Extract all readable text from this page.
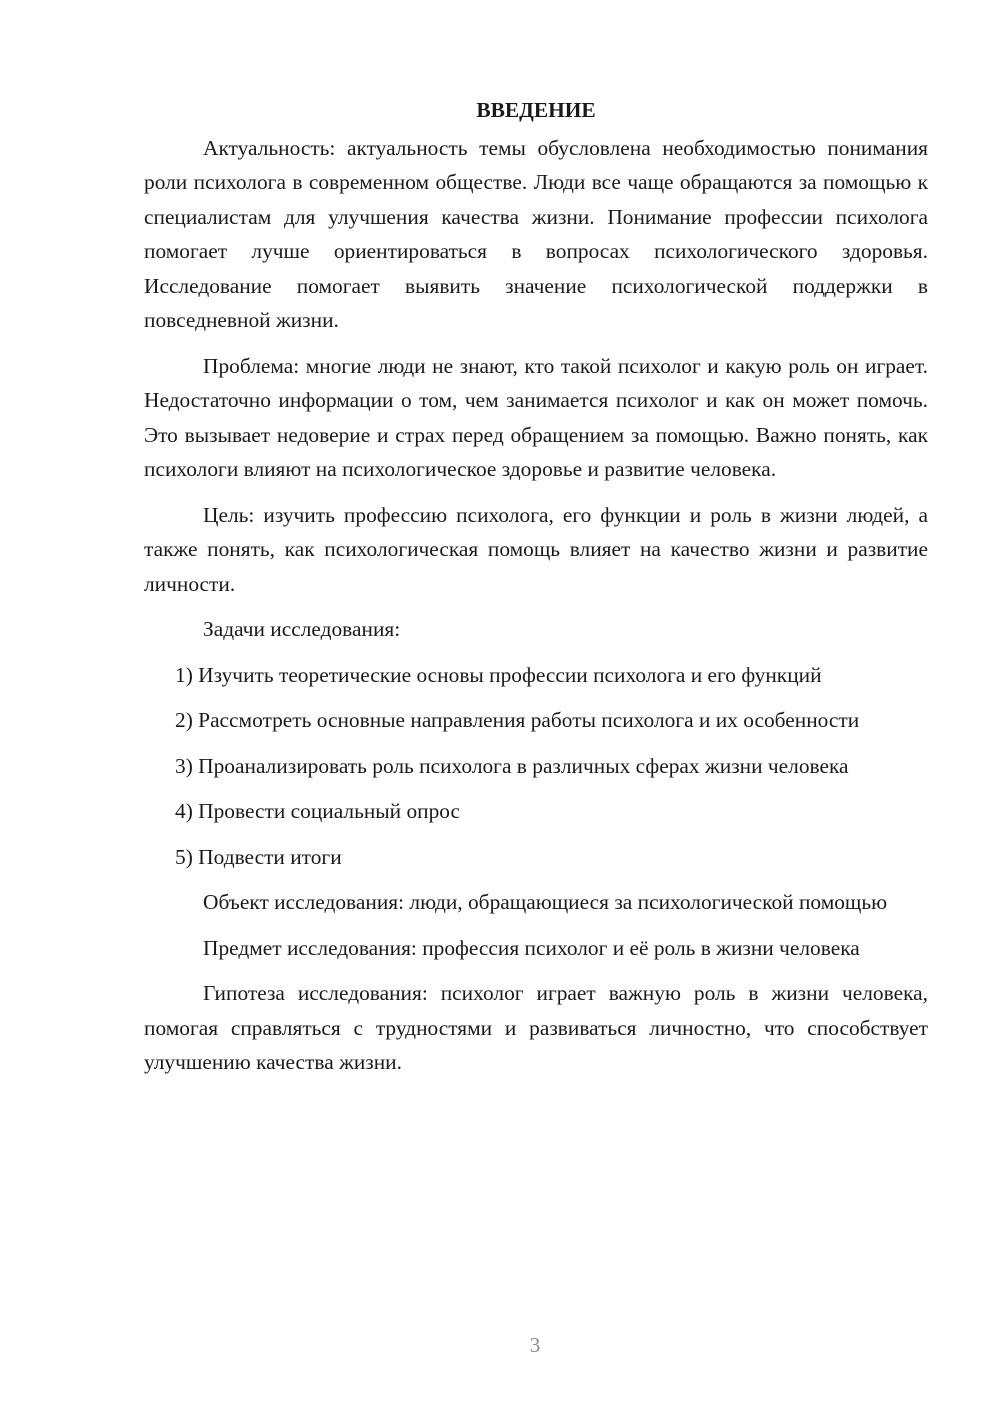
ВВЕДЕНИЕ

Актуальность: актуальность темы обусловлена необходимостью понимания роли психолога в современном обществе. Люди все чаще обращаются за помощью к специалистам для улучшения качества жизни. Понимание профессии психолога помогает лучше ориентироваться в вопросах психологического здоровья. Исследование помогает выявить значение психологической поддержки в повседневной жизни.

Проблема: многие люди не знают, кто такой психолог и какую роль он играет. Недостаточно информации о том, чем занимается психолог и как он может помочь. Это вызывает недоверие и страх перед обращением за помощью. Важно понять, как психологи влияют на психологическое здоровье и развитие человека.

Цель: изучить профессию психолога, его функции и роль в жизни людей, а также понять, как психологическая помощь влияет на качество жизни и развитие личности.

Задачи исследования:

1) Изучить теоретические основы профессии психолога и его функций

2) Рассмотреть основные направления работы психолога и их особенности

3) Проанализировать роль психолога в различных сферах жизни человека

4) Провести социальный опрос

5) Подвести итоги

Объект исследования: люди, обращающиеся за психологической помощью

Предмет исследования: профессия психолог и её роль в жизни человека

Гипотеза исследования: психолог играет важную роль в жизни человека, помогая справляться с трудностями и развиваться личностно, что способствует улучшению качества жизни.

3
